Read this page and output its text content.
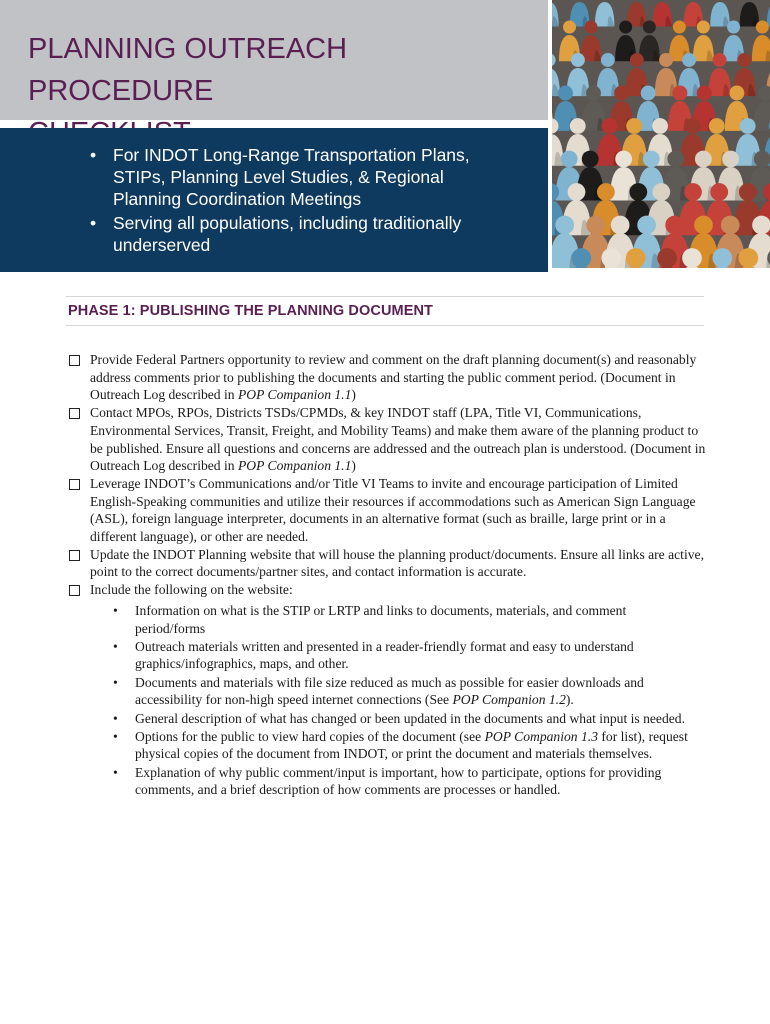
PLANNING OUTREACH PROCEDURE
• For INDOT Long-Range Transportation Plans, STIPs, Planning Level Studies, & Regional Planning Coordination Meetings
• Serving all populations, including traditionally underserved
PHASE 1: PUBLISHING THE PLANNING DOCUMENT
Provide Federal Partners opportunity to review and comment on the draft planning document(s) and reasonably address comments prior to publishing the documents and starting the public comment period. (Document in Outreach Log described in POP Companion 1.1)
Contact MPOs, RPOs, Districts TSDs/CPMDs, & key INDOT staff (LPA, Title VI, Communications, Environmental Services, Transit, Freight, and Mobility Teams) and make them aware of the planning product to be published. Ensure all questions and concerns are addressed and the outreach plan is understood. (Document in Outreach Log described in POP Companion 1.1)
Leverage INDOT’s Communications and/or Title VI Teams to invite and encourage participation of Limited English-Speaking communities and utilize their resources if accommodations such as American Sign Language (ASL), foreign language interpreter, documents in an alternative format (such as braille, large print or in a different language), or other are needed.
Update the INDOT Planning website that will house the planning product/documents. Ensure all links are active, point to the correct documents/partner sites, and contact information is accurate.
Include the following on the website:
• Information on what is the STIP or LRTP and links to documents, materials, and comment period/forms
• Outreach materials written and presented in a reader-friendly format and easy to understand graphics/infographics, maps, and other.
• Documents and materials with file size reduced as much as possible for easier downloads and accessibility for non-high speed internet connections (See POP Companion 1.2).
• General description of what has changed or been updated in the documents and what input is needed.
• Options for the public to view hard copies of the document (see POP Companion 1.3 for list), request physical copies of the document from INDOT, or print the document and materials themselves.
• Explanation of why public comment/input is important, how to participate, options for providing comments, and a brief description of how comments are processes or handled.
